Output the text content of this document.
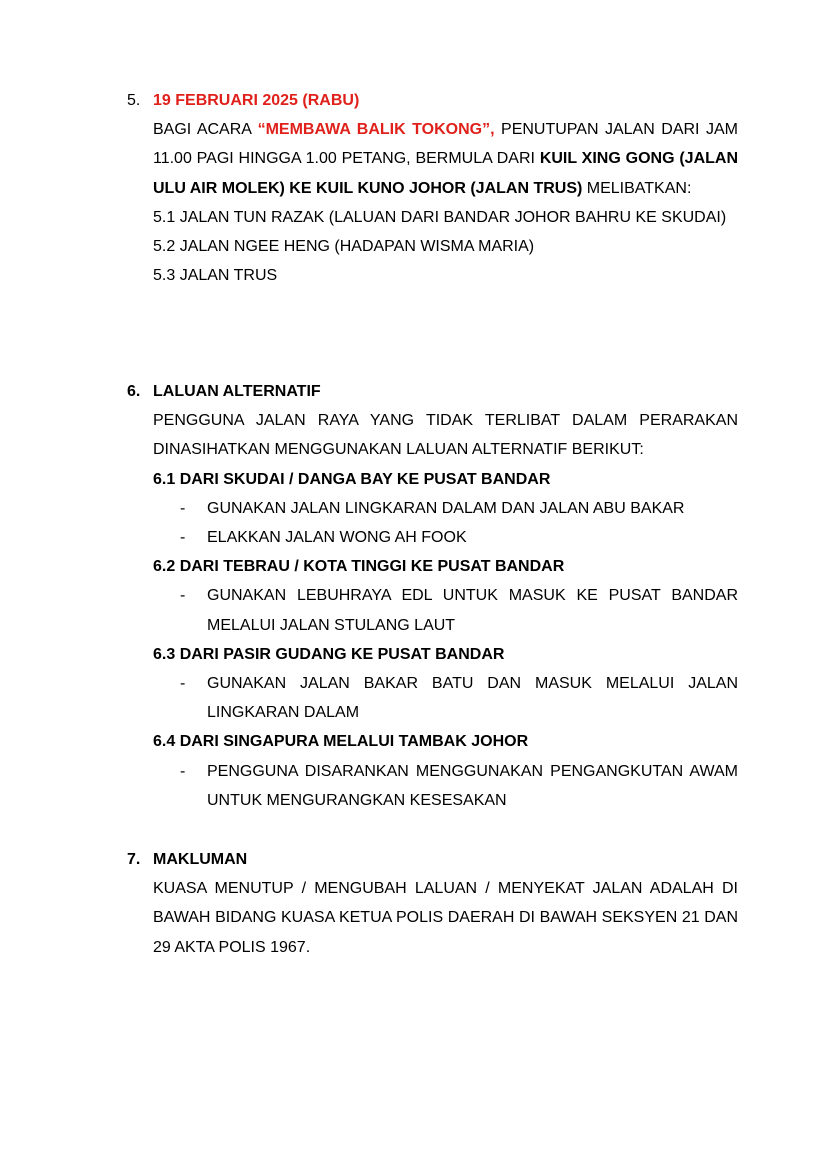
5. 19 FEBRUARI 2025 (RABU)

BAGI ACARA “MEMBAWA BALIK TOKONG”, PENUTUPAN JALAN DARI JAM 11.00 PAGI HINGGA 1.00 PETANG, BERMULA DARI KUIL XING GONG (JALAN ULU AIR MOLEK) KE KUIL KUNO JOHOR (JALAN TRUS) MELIBATKAN:

5.1 JALAN TUN RAZAK (LALUAN DARI BANDAR JOHOR BAHRU KE SKUDAI)

5.2 JALAN NGEE HENG (HADAPAN WISMA MARIA)

5.3 JALAN TRUS

6. LALUAN ALTERNATIF

PENGGUNA JALAN RAYA YANG TIDAK TERLIBAT DALAM PERARAKAN DINASIHATKAN MENGGUNAKAN LALUAN ALTERNATIF BERIKUT:

6.1 DARI SKUDAI / DANGA BAY KE PUSAT BANDAR

- GUNAKAN JALAN LINGKARAN DALAM DAN JALAN ABU BAKAR

- ELAKKAN JALAN WONG AH FOOK

6.2 DARI TEBRAU / KOTA TINGGI KE PUSAT BANDAR

- GUNAKAN LEBUHRAYA EDL UNTUK MASUK KE PUSAT BANDAR MELALUI JALAN STULANG LAUT

6.3 DARI PASIR GUDANG KE PUSAT BANDAR

- GUNAKAN JALAN BAKAR BATU DAN MASUK MELALUI JALAN LINGKARAN DALAM

6.4 DARI SINGAPURA MELALUI TAMBAK JOHOR

- PENGGUNA DISARANKAN MENGGUNAKAN PENGANGKUTAN AWAM UNTUK MENGURANGKAN KESESAKAN

7. MAKLUMAN

KUASA MENUTUP / MENGUBAH LALUAN / MENYEKAT JALAN ADALAH DI BAWAH BIDANG KUASA KETUA POLIS DAERAH DI BAWAH SEKSYEN 21 DAN 29 AKTA POLIS 1967.
